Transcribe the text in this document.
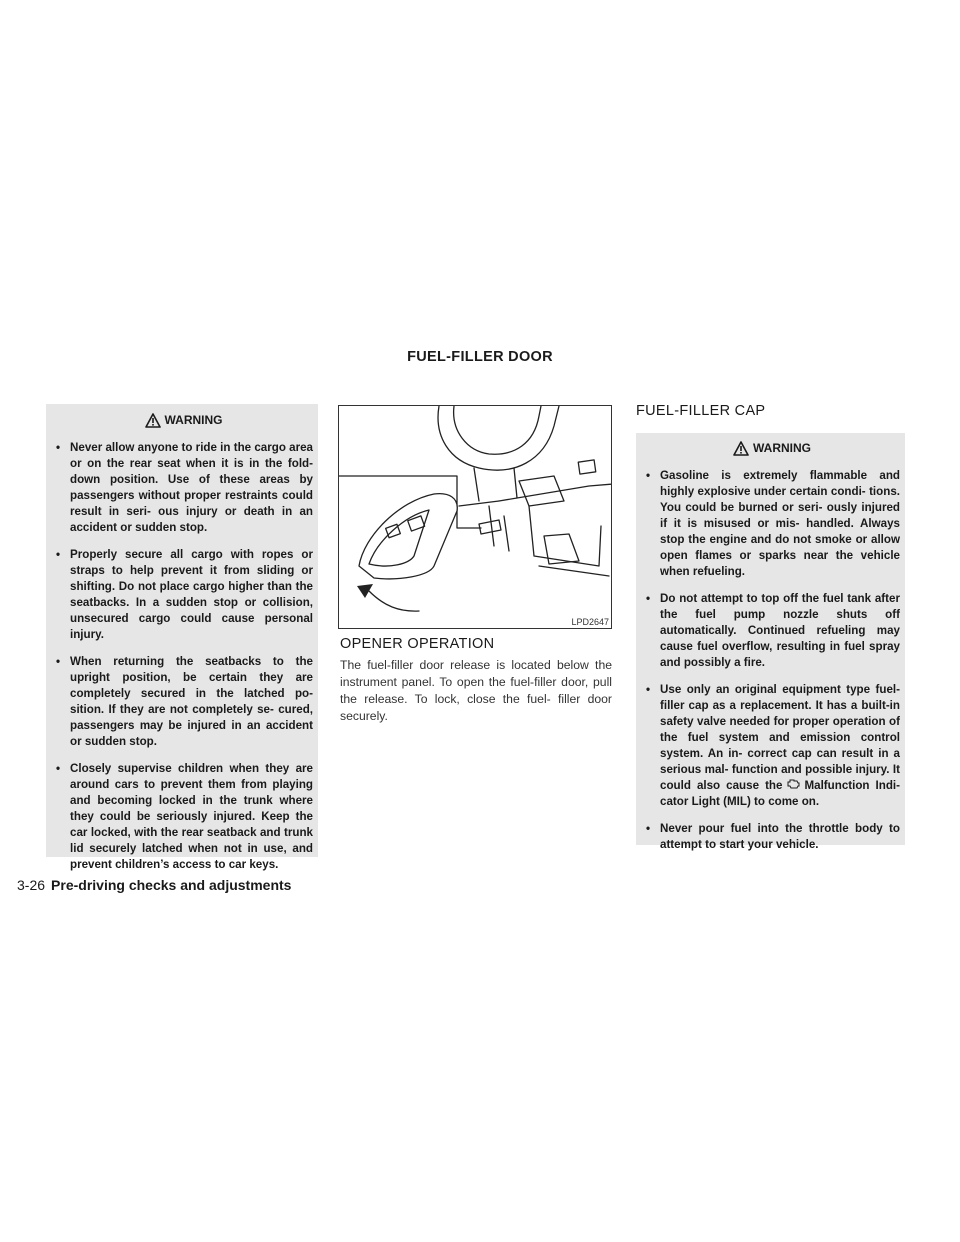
FUEL-FILLER DOOR
WARNING
• Never allow anyone to ride in the cargo area or on the rear seat when it is in the fold-down position. Use of these areas by passengers without proper restraints could result in seri- ous injury or death in an accident or sudden stop.
• Properly secure all cargo with ropes or straps to help prevent it from sliding or shifting. Do not place cargo higher than the seatbacks. In a sudden stop or collision, unsecured cargo could cause personal injury.
• When returning the seatbacks to the upright position, be certain they are completely secured in the latched po- sition. If they are not completely se- cured, passengers may be injured in an accident or sudden stop.
• Closely supervise children when they are around cars to prevent them from playing and becoming locked in the trunk where they could be seriously injured. Keep the car locked, with the rear seatback and trunk lid securely latched when not in use, and prevent children’s access to car keys.
LPD2647
OPENER OPERATION
The fuel-filler door release is located below the instrument panel. To open the fuel-filler door, pull the release. To lock, close the fuel- filler door securely.
FUEL-FILLER CAP
WARNING
• Gasoline is extremely flammable and highly explosive under certain condi- tions. You could be burned or seri- ously injured if it is misused or mis- handled. Always stop the engine and do not smoke or allow open flames or sparks near the vehicle when refueling.
• Do not attempt to top off the fuel tank after the fuel pump nozzle shuts off automatically. Continued refueling may cause fuel overflow, resulting in fuel spray and possibly a fire.
• Use only an original equipment type fuel-filler cap as a replacement. It has a built-in safety valve needed for proper operation of the fuel system and emission control system. An in- correct cap can result in a serious mal- function and possible injury. It could also cause the Malfunction Indi- cator Light (MIL) to come on.
• Never pour fuel into the throttle body to attempt to start your vehicle.
3-26 Pre-driving checks and adjustments
